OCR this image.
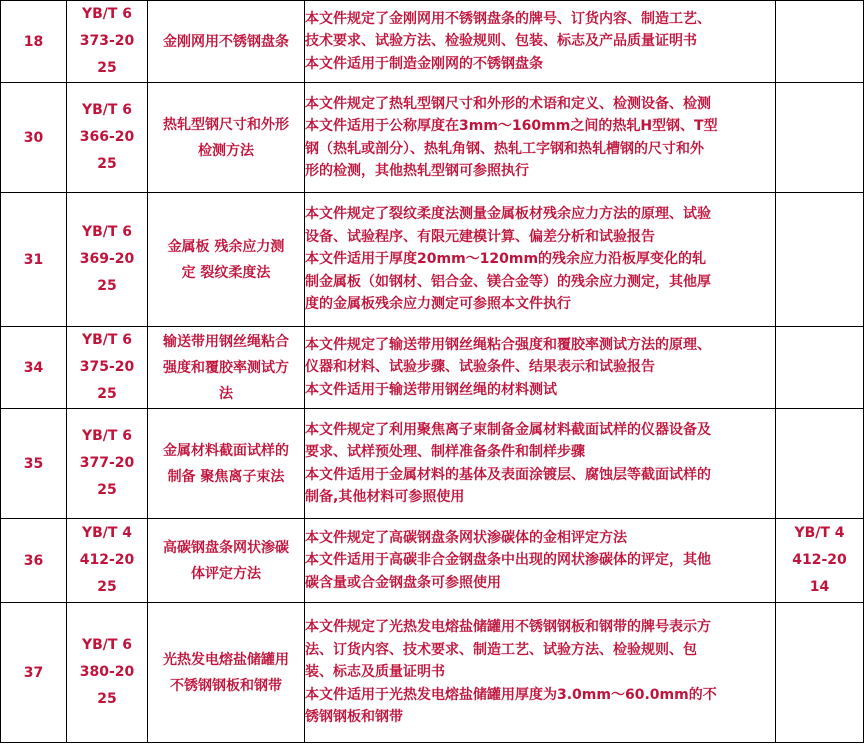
18	YB/T 6
373-20
25	金刚网用不锈钢盘条	本文件规定了金刚网用不锈钢盘条的牌号、订货内容、制造工艺、
技术要求、试验方法、检验规则、包装、标志及产品质量证明书
本文件适用于制造金刚网的不锈钢盘条	

30	YB/T 6
366-20
25	热轧型钢尺寸和外形
检测方法	本文件规定了热轧型钢尺寸和外形的术语和定义、检测设备、检测
本文件适用于公称厚度在3mm～160mm之间的热轧H型钢、T型
钢（热轧或剖分）、热轧角钢、热轧工字钢和热轧槽钢的尺寸和外
形的检测，其他热轧型钢可参照执行	

31	YB/T 6
369-20
25	金属板 残余应力测
定 裂纹柔度法	本文件规定了裂纹柔度法测量金属板材残余应力方法的原理、试验
设备、试验程序、有限元建模计算、偏差分析和试验报告
本文件适用于厚度20mm～120mm的残余应力沿板厚变化的轧
制金属板（如钢材、铝合金、镁合金等）的残余应力测定，其他厚
度的金属板残余应力测定可参照本文件执行	

34	YB/T 6
375-20
25	输送带用钢丝绳粘合
强度和覆胶率测试方
法	本文件规定了输送带用钢丝绳粘合强度和覆胶率测试方法的原理、
仪器和材料、试验步骤、试验条件、结果表示和试验报告
本文件适用于输送带用钢丝绳的材料测试	

35	YB/T 6
377-20
25	金属材料截面试样的
制备 聚焦离子束法	本文件规定了利用聚焦离子束制备金属材料截面试样的仪器设备及
要求、试样预处理、制样准备条件和制样步骤
本文件适用于金属材料的基体及表面涂镀层、腐蚀层等截面试样的
制备,其他材料可参照使用	

36	YB/T 4
412-20
25	高碳钢盘条网状渗碳
体评定方法	本文件规定了高碳钢盘条网状渗碳体的金相评定方法
本文件适用于高碳非合金钢盘条中出现的网状渗碳体的评定，其他
碳含量或合金钢盘条可参照使用	YB/T 4
412-20
14

37	YB/T 6
380-20
25	光热发电熔盐储罐用
不锈钢钢板和钢带	本文件规定了光热发电熔盐储罐用不锈钢钢板和钢带的牌号表示方
法、订货内容、技术要求、制造工艺、试验方法、检验规则、包
装、标志及质量证明书
本文件适用于光热发电熔盐储罐用厚度为3.0mm～60.0mm的不
锈钢钢板和钢带	
